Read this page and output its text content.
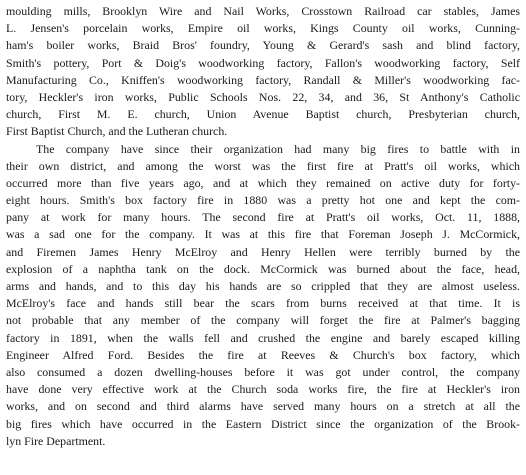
moulding mills, Brooklyn Wire and Nail Works, Crosstown Railroad car stables, James
L. Jensen's porcelain works, Empire oil works, Kings County oil works, Cunning-
ham's boiler works, Braid Bros' foundry, Young & Gerard's sash and blind factory,
Smith's pottery, Port & Doig's woodworking factory, Fallon's woodworking factory, Self
Manufacturing Co., Kniffen's woodworking factory, Randall & Miller's woodworking fac-
tory, Heckler's iron works, Public Schools Nos. 22, 34, and 36, St Anthony's Catholic
church, First M. E. church, Union Avenue Baptist church, Presbyterian church,
First Baptist Church, and the Lutheran church.
The company have since their organization had many big fires to battle with in
their own district, and among the worst was the first fire at Pratt's oil works, which
occurred more than five years ago, and at which they remained on active duty for forty-
eight hours. Smith's box factory fire in 1880 was a pretty hot one and kept the com-
pany at work for many hours. The second fire at Pratt's oil works, Oct. 11, 1888,
was a sad one for the company. It was at this fire that Foreman Joseph J. McCormick,
and Firemen James Henry McElroy and Henry Hellen were terribly burned by the
explosion of a naphtha tank on the dock. McCormick was burned about the face, head,
arms and hands, and to this day his hands are so crippled that they are almost useless.
McElroy's face and hands still bear the scars from burns received at that time. It is
not probable that any member of the company will forget the fire at Palmer's bagging
factory in 1891, when the walls fell and crushed the engine and barely escaped killing
Engineer Alfred Ford. Besides the fire at Reeves & Church's box factory, which
also consumed a dozen dwelling-houses before it was got under control, the company
have done very effective work at the Church soda works fire, the fire at Heckler's iron
works, and on second and third alarms have served many hours on a stretch at all the
big fires which have occurred in the Eastern District since the organization of the Brook-
lyn Fire Department.
